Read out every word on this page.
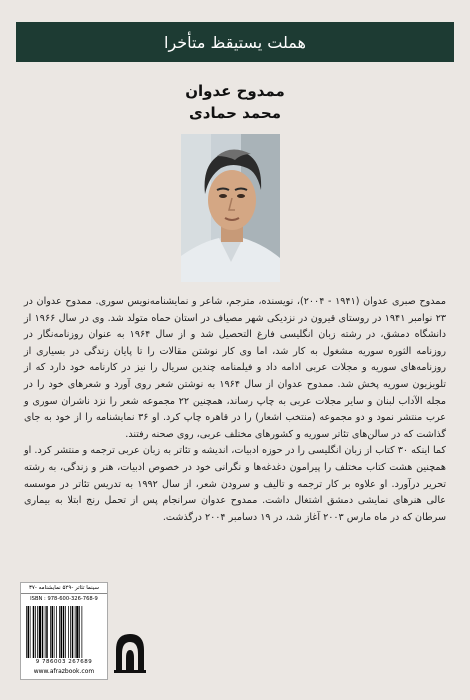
هملت یستیقظ متأخرا
ممدوح عدوان
محمد حمادی
ممدوح صبری عدوان (۱۹۴۱ - ۲۰۰۴)، نویسنده، مترجم، شاعر و نمایشنامه‌نویس سوری. ممدوح عدوان در ۲۳ نوامبر ۱۹۴۱ در روستای قیرون در نزدیکی شهر مصیاف در استان حماه متولد شد. وی در سال ۱۹۶۶ از دانشگاه دمشق، در رشته زبان انگلیسی فارغ التحصیل شد و از سال ۱۹۶۴ به عنوان روزنامه‌نگار در روزنامه الثوره سوریه مشغول به کار شد، اما وی کار نوشتن مقالات را تا پایان زندگی در بسیاری از روزنامه‌های سوریه و مجلات عربی ادامه داد و فیلمنامه چندین سریال را نیز در کارنامه خود دارد که از تلویزیون سوریه پخش شد. ممدوح عدوان از سال ۱۹۶۴ به نوشتن شعر روی آورد و شعرهای خود را در مجله الآداب لبنان و سایر مجلات عربی به چاپ رساند، همچنین ۲۲ مجموعه شعر را نزد ناشران سوری و عرب منتشر نمود و دو مجموعه (منتخب اشعار) را در قاهره چاپ کرد. او ۳۶ نمایشنامه را از خود به جای گذاشت که در سالن‌های تئاتر سوریه و کشورهای مختلف عربی، روی صحنه رفتند.
کما اینکه ۳۰ کتاب از زبان انگلیسی را در حوزه ادبیات، اندیشه و تئاتر به زبان عربی ترجمه و منتشر کرد. او همچنین هشت کتاب مختلف را پیرامون دغدغه‌ها و نگرانی خود در خصوص ادبیات، هنر و زندگی، به رشته تحریر درآورد. او علاوه بر کار ترجمه و تالیف و سرودن شعر، از سال ۱۹۹۲ به تدریس تئاتر در موسسه عالی هنرهای نمایشی دمشق اشتغال داشت. ممدوح عدوان سرانجام پس از تحمل رنج ابتلا به بیماری سرطان که در ماه مارس ۲۰۰۳ آغاز شد، در ۱۹ دسامبر ۲۰۰۴ درگذشت.
سینما تئاتر -۵۲۹ نمایشنامه -۳۷
ISBN : 978-600-326-768-9
9 786003 267689
www.afrazbook.com
